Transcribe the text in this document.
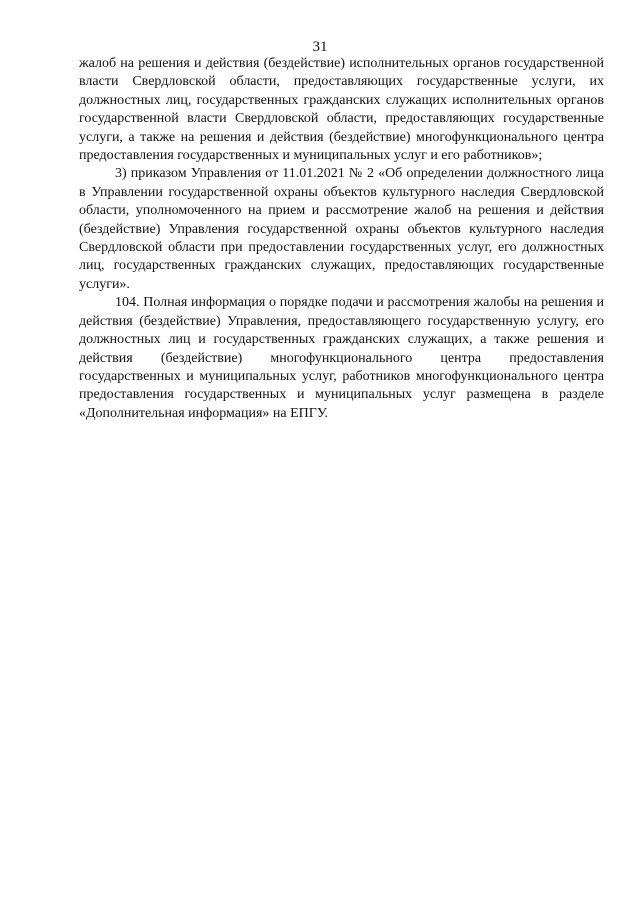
31

жалоб на решения и действия (бездействие) исполнительных органов государственной власти Свердловской области, предоставляющих государственные услуги, их должностных лиц, государственных гражданских служащих исполнительных органов государственной власти Свердловской области, предоставляющих государственные услуги, а также на решения и действия (бездействие) многофункционального центра предоставления государственных и муниципальных услуг и его работников»;

3) приказом Управления от 11.01.2021 № 2 «Об определении должностного лица в Управлении государственной охраны объектов культурного наследия Свердловской области, уполномоченного на прием и рассмотрение жалоб на решения и действия (бездействие) Управления государственной охраны объектов культурного наследия Свердловской области при предоставлении государственных услуг, его должностных лиц, государственных гражданских служащих, предоставляющих государственные услуги».

104. Полная информация о порядке подачи и рассмотрения жалобы на решения и действия (бездействие) Управления, предоставляющего государственную услугу, его должностных лиц и государственных гражданских служащих, а также решения и действия (бездействие) многофункционального центра предоставления государственных и муниципальных услуг, работников многофункционального центра предоставления государственных и муниципальных услуг размещена в разделе «Дополнительная информация» на ЕПГУ.
